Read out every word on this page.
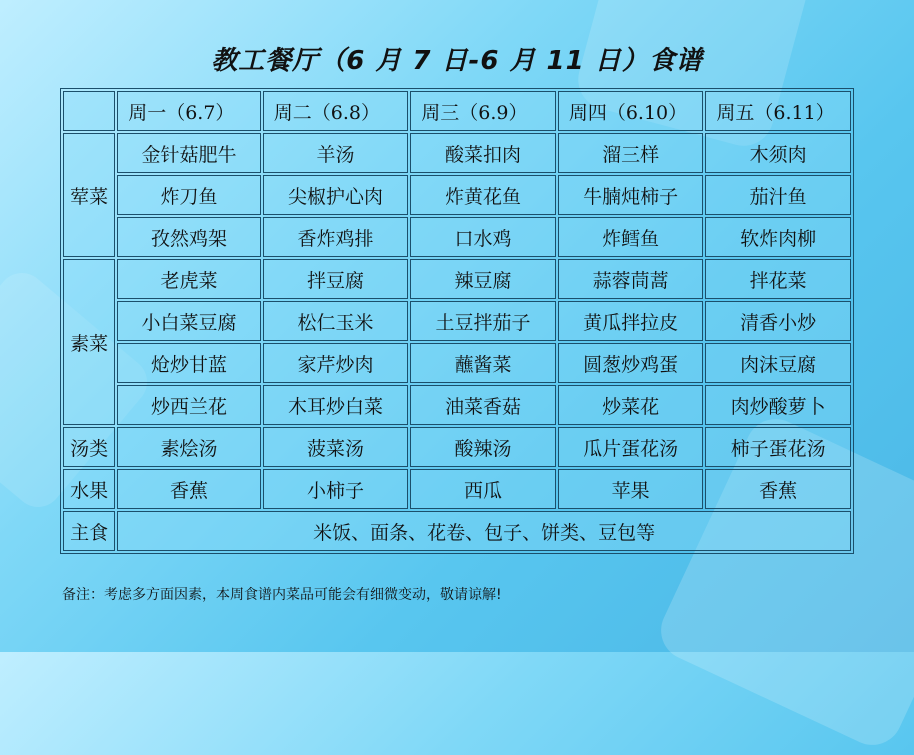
教工餐厅（6 月 7 日-6 月 11 日）食谱
	周一（6.7）	周二（6.8）	周三（6.9）	周四（6.10）	周五（6.11）
荤菜	金针菇肥牛	羊汤	酸菜扣肉	溜三样	木须肉
	炸刀鱼	尖椒护心肉	炸黄花鱼	牛腩炖柿子	茄汁鱼
	孜然鸡架	香炸鸡排	口水鸡	炸鳕鱼	软炸肉柳
素菜	老虎菜	拌豆腐	辣豆腐	蒜蓉茼蒿	拌花菜
	小白菜豆腐	松仁玉米	土豆拌茄子	黄瓜拌拉皮	清香小炒
	炝炒甘蓝	家芹炒肉	蘸酱菜	圆葱炒鸡蛋	肉沫豆腐
	炒西兰花	木耳炒白菜	油菜香菇	炒菜花	肉炒酸萝卜
汤类	素烩汤	菠菜汤	酸辣汤	瓜片蛋花汤	柿子蛋花汤
水果	香蕉	小柿子	西瓜	苹果	香蕉
主食	米饭、面条、花卷、包子、饼类、豆包等				
备注：考虑多方面因素，本周食谱内菜品可能会有细微变动，敬请谅解!
